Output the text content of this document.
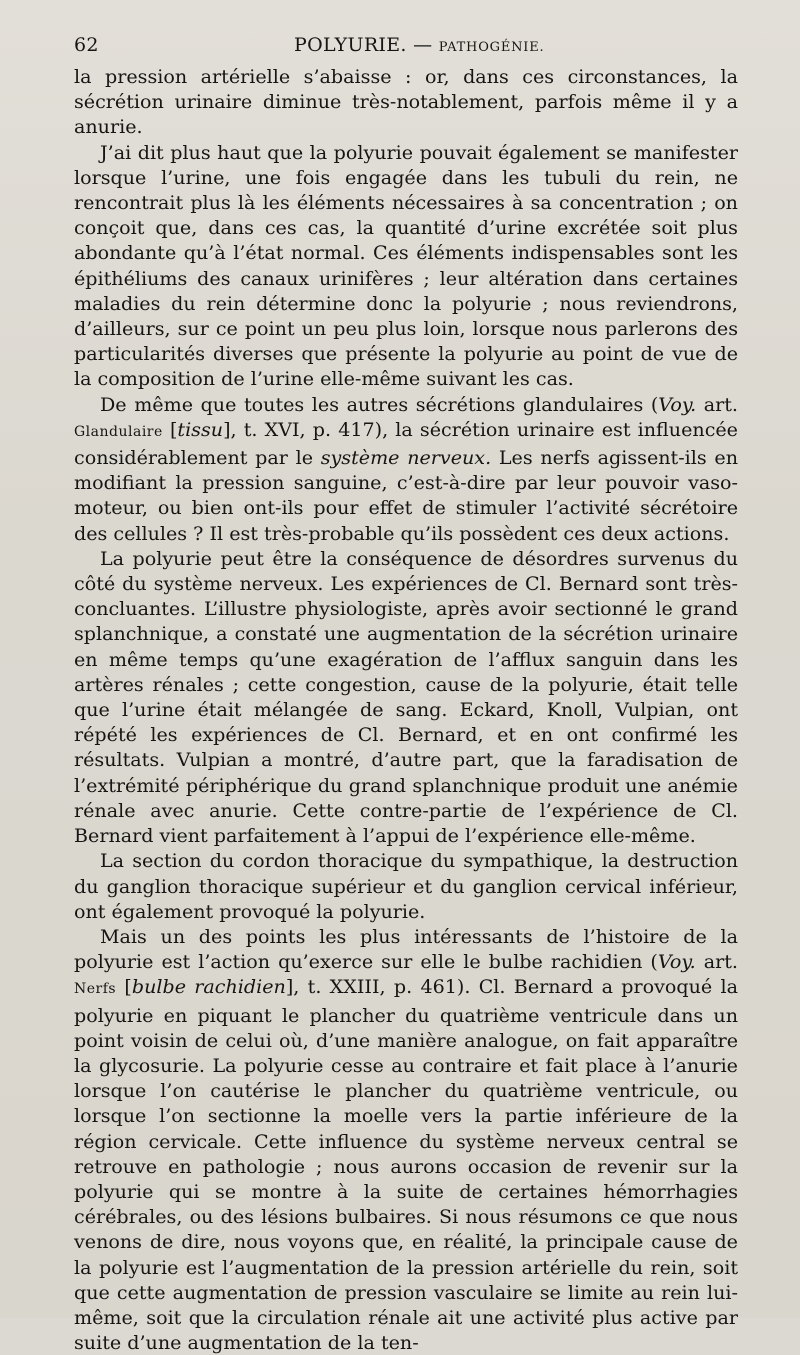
62	POLYURIE. — PATHOGÉNIE.

la pression artérielle s’abaisse : or, dans ces circonstances, la sécrétion urinaire diminue très-notablement, parfois même il y a anurie.

J’ai dit plus haut que la polyurie pouvait également se manifester lorsque l’urine, une fois engagée dans les tubuli du rein, ne rencontrait plus là les éléments nécessaires à sa concentration ; on conçoit que, dans ces cas, la quantité d’urine excrétée soit plus abondante qu’à l’état normal. Ces éléments indispensables sont les épithéliums des canaux urinifères ; leur altération dans certaines maladies du rein détermine donc la polyurie ; nous reviendrons, d’ailleurs, sur ce point un peu plus loin, lorsque nous parlerons des particularités diverses que présente la polyurie au point de vue de la composition de l’urine elle-même suivant les cas.

De même que toutes les autres sécrétions glandulaires (Voy. art. Glandulaire [tissu], t. XVI, p. 417), la sécrétion urinaire est influencée considérablement par le système nerveux. Les nerfs agissent-ils en modifiant la pression sanguine, c’est-à-dire par leur pouvoir vaso-moteur, ou bien ont-ils pour effet de stimuler l’activité sécrétoire des cellules ? Il est très-probable qu’ils possèdent ces deux actions.

La polyurie peut être la conséquence de désordres survenus du côté du système nerveux. Les expériences de Cl. Bernard sont très-concluantes. L’illustre physiologiste, après avoir sectionné le grand splanchnique, a constaté une augmentation de la sécrétion urinaire en même temps qu’une exagération de l’afflux sanguin dans les artères rénales ; cette congestion, cause de la polyurie, était telle que l’urine était mélangée de sang. Eckard, Knoll, Vulpian, ont répété les expériences de Cl. Bernard, et en ont confirmé les résultats. Vulpian a montré, d’autre part, que la faradisation de l’extrémité périphérique du grand splanchnique produit une anémie rénale avec anurie. Cette contre-partie de l’expérience de Cl. Bernard vient parfaitement à l’appui de l’expérience elle-même.

La section du cordon thoracique du sympathique, la destruction du ganglion thoracique supérieur et du ganglion cervical inférieur, ont également provoqué la polyurie.

Mais un des points les plus intéressants de l’histoire de la polyurie est l’action qu’exerce sur elle le bulbe rachidien (Voy. art. Nerfs [bulbe rachidien], t. XXIII, p. 461). Cl. Bernard a provoqué la polyurie en piquant le plancher du quatrième ventricule dans un point voisin de celui où, d’une manière analogue, on fait apparaître la glycosurie. La polyurie cesse au contraire et fait place à l’anurie lorsque l’on cautérise le plancher du quatrième ventricule, ou lorsque l’on sectionne la moelle vers la partie inférieure de la région cervicale. Cette influence du système nerveux central se retrouve en pathologie ; nous aurons occasion de revenir sur la polyurie qui se montre à la suite de certaines hémorrhagies cérébrales, ou des lésions bulbaires. Si nous résumons ce que nous venons de dire, nous voyons que, en réalité, la principale cause de la polyurie est l’augmentation de la pression artérielle du rein, soit que cette augmentation de pression vasculaire se limite au rein lui-même, soit que la circulation rénale ait une activité plus active par suite d’une augmentation de la ten-
